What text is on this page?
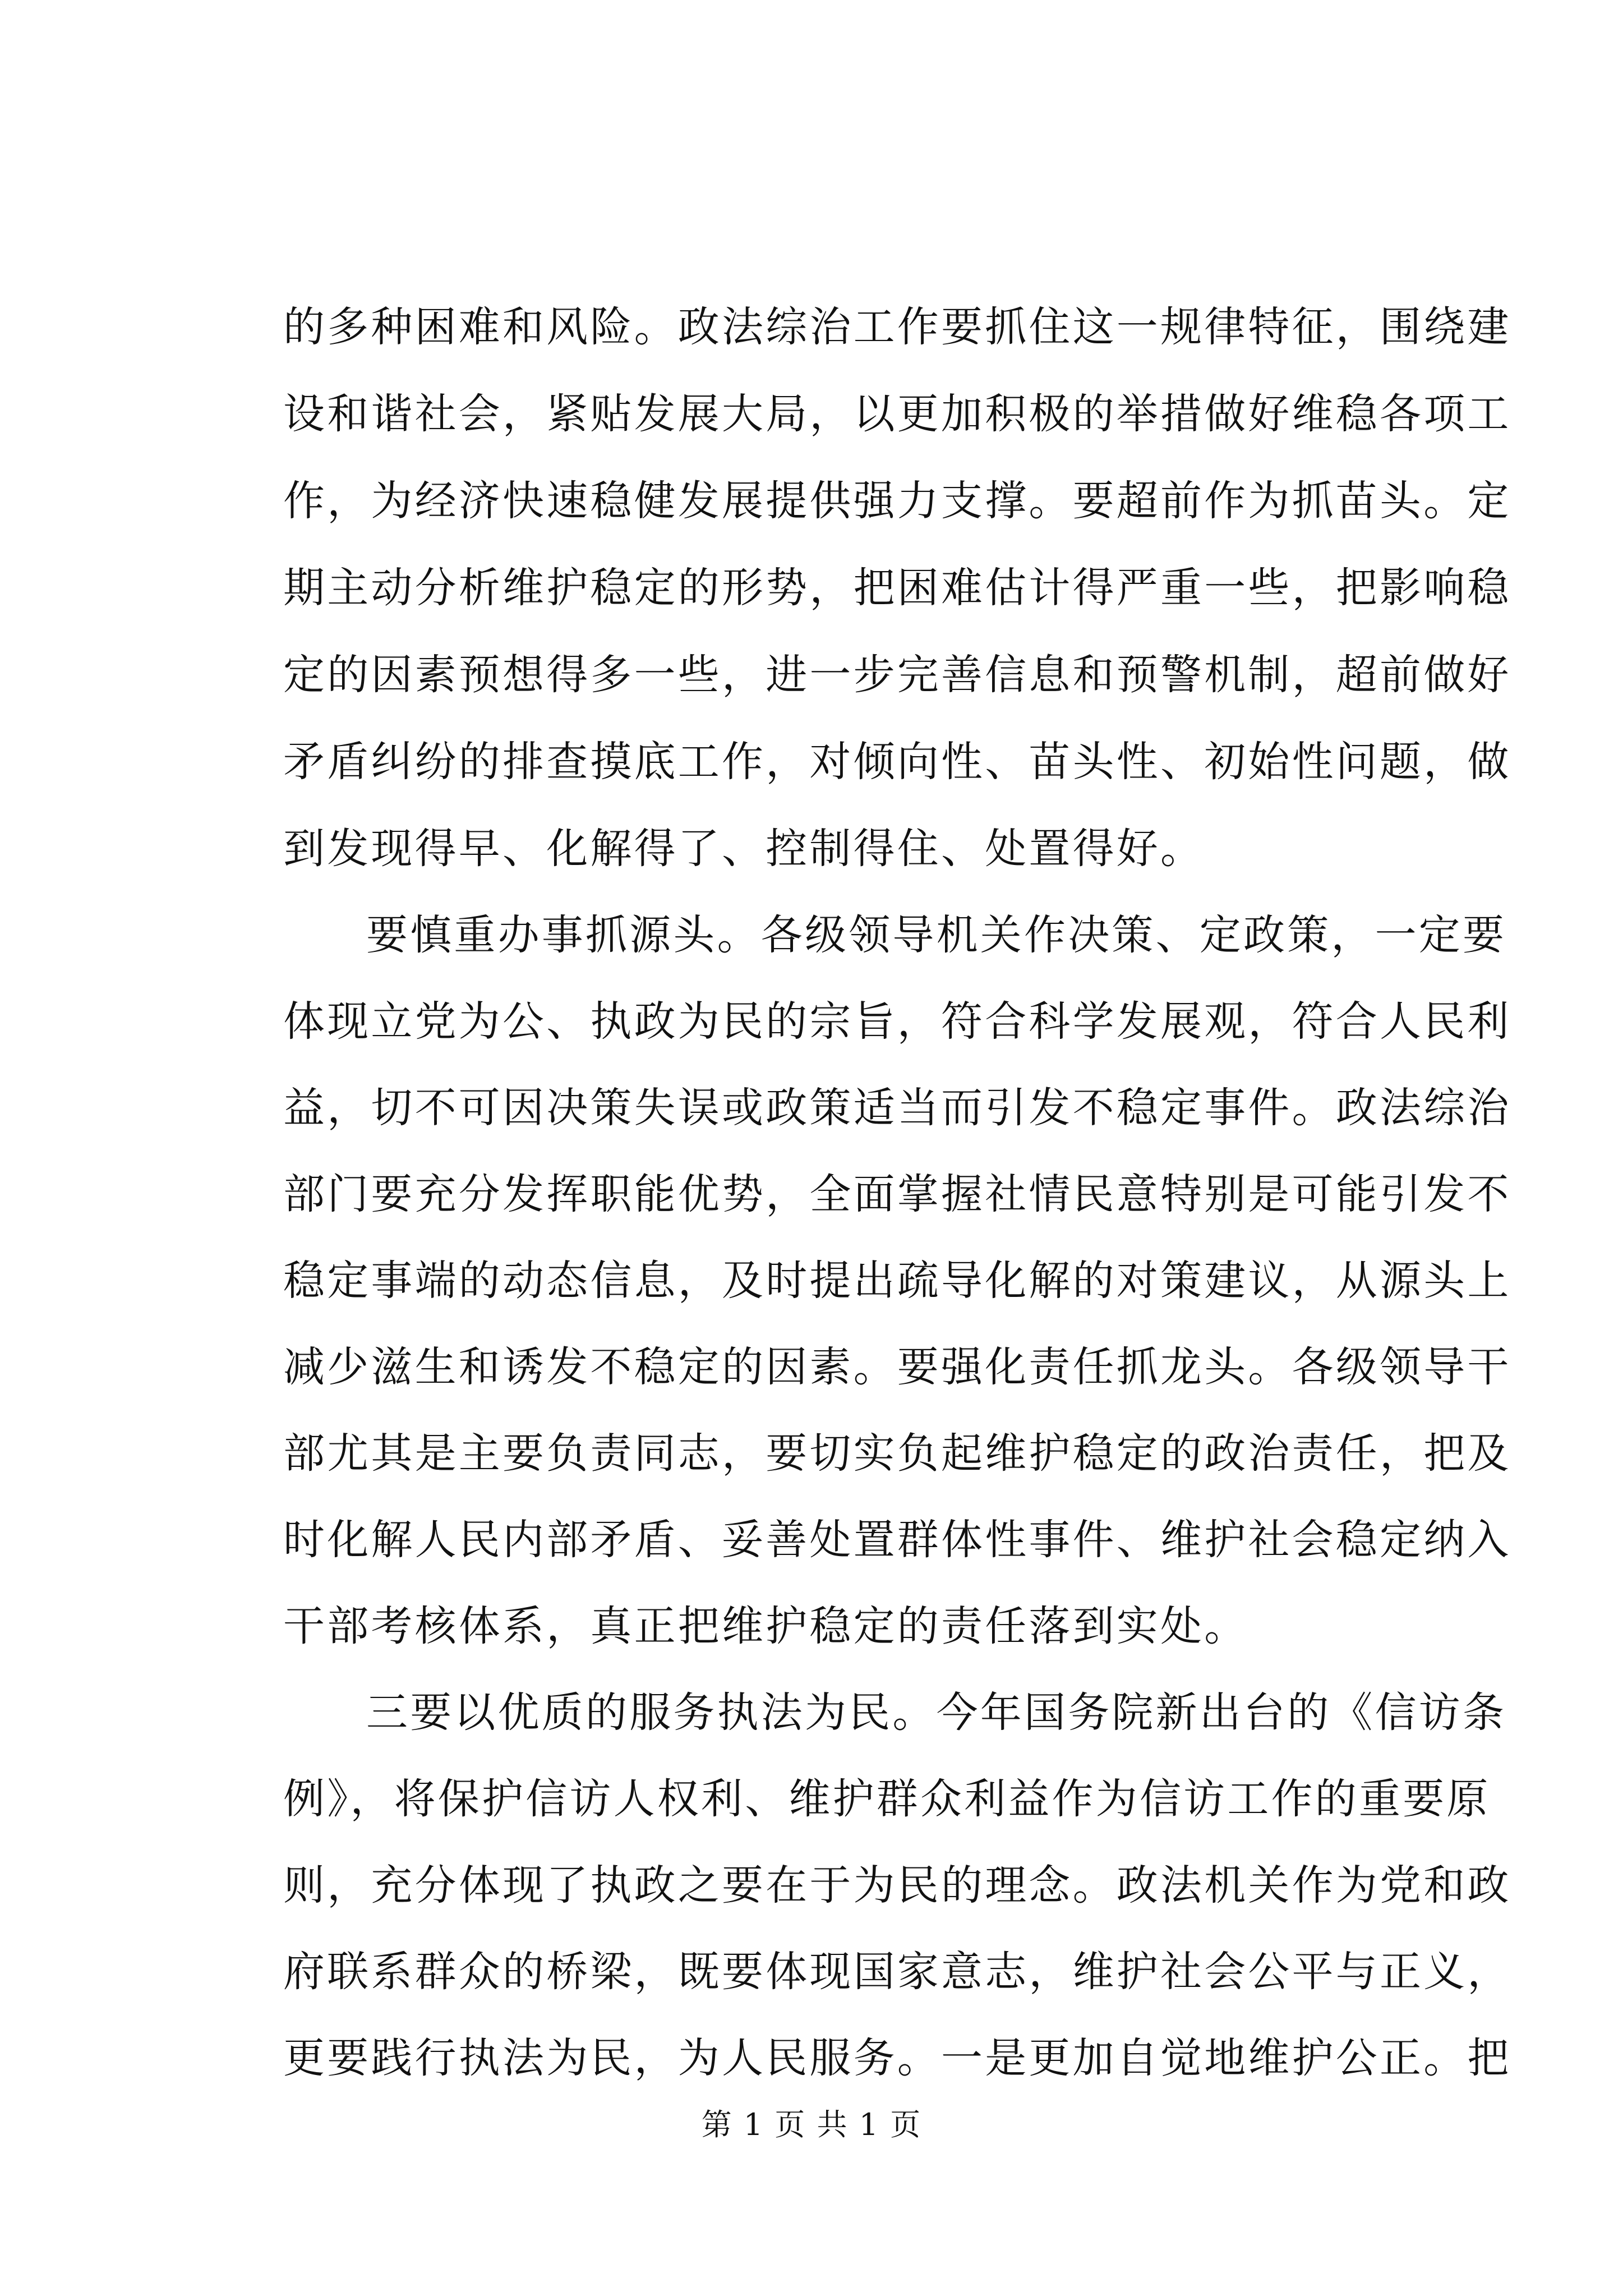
的多种困难和风险。政法综治工作要抓住这一规律特征，围绕建
设和谐社会，紧贴发展大局，以更加积极的举措做好维稳各项工
作，为经济快速稳健发展提供强力支撑。要超前作为抓苗头。定
期主动分析维护稳定的形势，把困难估计得严重一些，把影响稳
定的因素预想得多一些，进一步完善信息和预警机制，超前做好
矛盾纠纷的排查摸底工作，对倾向性、苗头性、初始性问题，做
到发现得早、化解得了、控制得住、处置得好。
要慎重办事抓源头。各级领导机关作决策、定政策，一定要
体现立党为公、执政为民的宗旨，符合科学发展观，符合人民利
益，切不可因决策失误或政策适当而引发不稳定事件。政法综治
部门要充分发挥职能优势，全面掌握社情民意特别是可能引发不
稳定事端的动态信息，及时提出疏导化解的对策建议，从源头上
减少滋生和诱发不稳定的因素。要强化责任抓龙头。各级领导干
部尤其是主要负责同志，要切实负起维护稳定的政治责任，把及
时化解人民内部矛盾、妥善处置群体性事件、维护社会稳定纳入
干部考核体系，真正把维护稳定的责任落到实处。
三要以优质的服务执法为民。今年国务院新出台的《信访条
例》，将保护信访人权利、维护群众利益作为信访工作的重要原
则，充分体现了执政之要在于为民的理念。政法机关作为党和政
府联系群众的桥梁，既要体现国家意志，维护社会公平与正义，
更要践行执法为民，为人民服务。一是更加自觉地维护公正。把
第 1 页 共 1 页
